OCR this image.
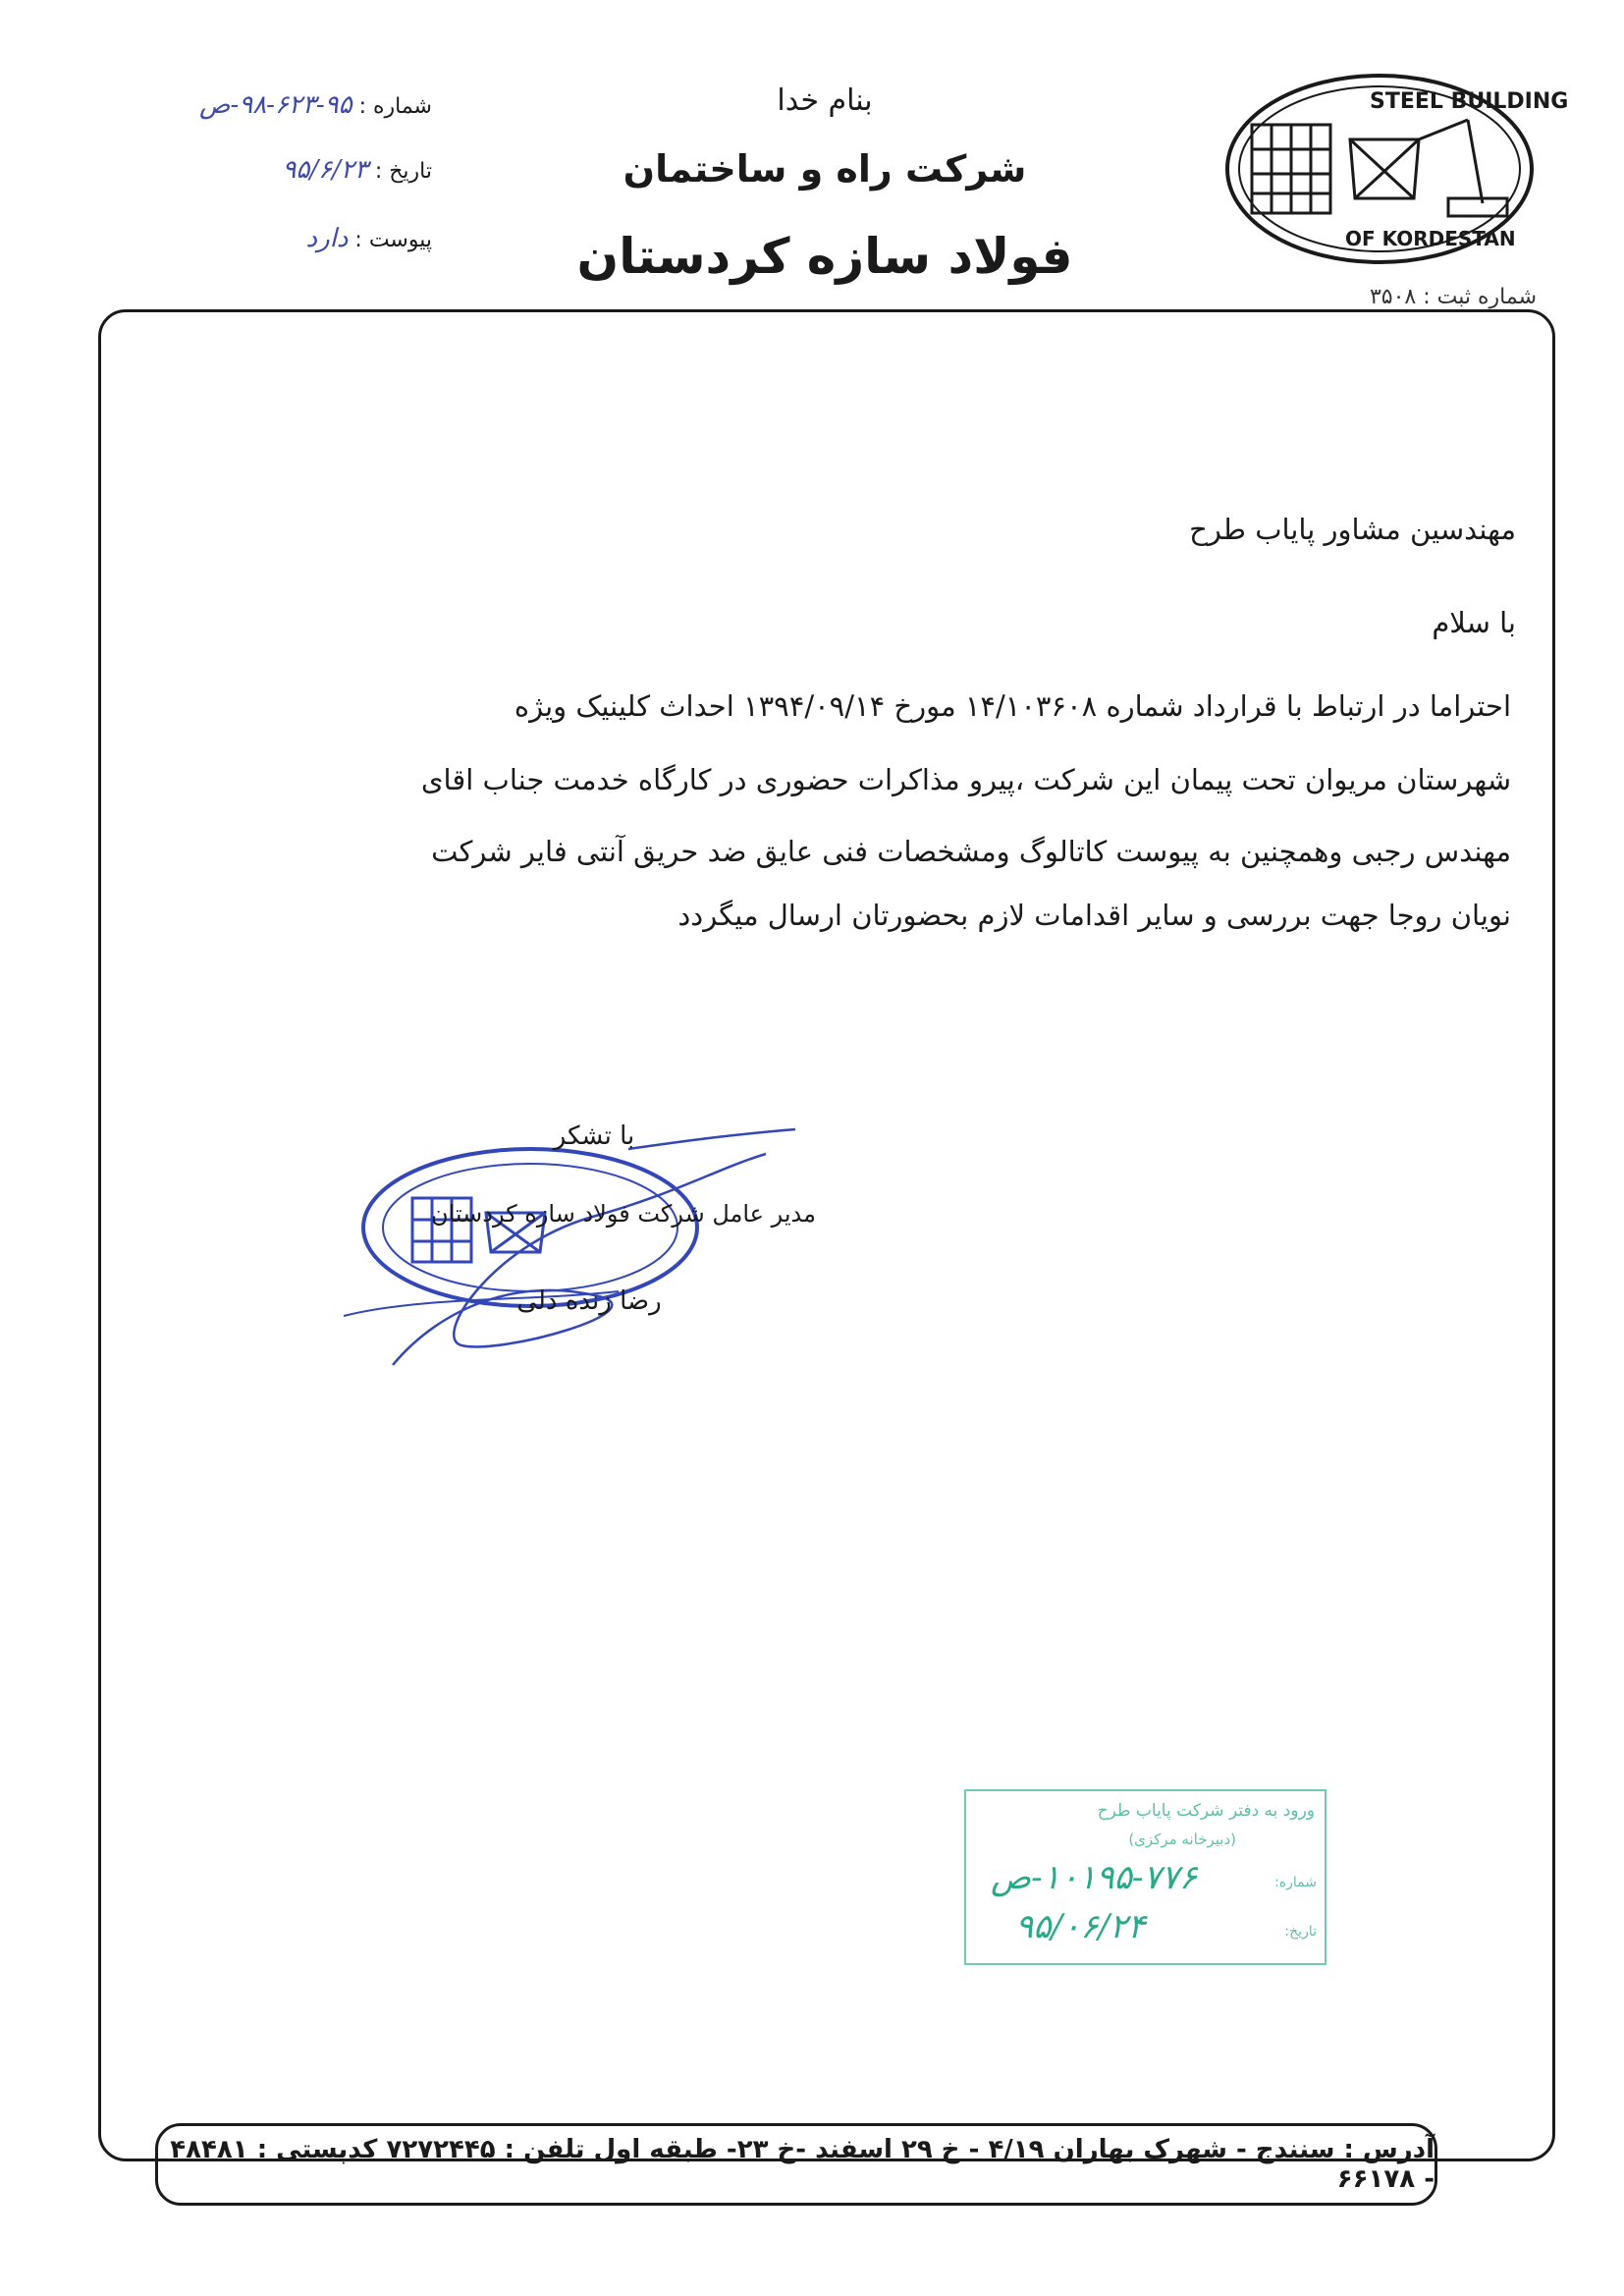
بنام خدا
شرکت راه و ساختمان
فولاد سازه کردستان
شماره : ۹۸-۶۲۳-۹۵-ص
تاریخ : ۹۵/۶/۲۳
پیوست : دارد
STEEL BUILDING
OF KORDESTAN
شماره ثبت : ۳۵۰۸
مهندسین مشاور پایاب طرح
با سلام
احتراما در ارتباط با قرارداد شماره ۱۴/۱۰۳۶۰۸ مورخ ۱۳۹۴/۰۹/۱۴ احداث کلینیک ویژه
شهرستان مریوان تحت پیمان این شرکت ،پیرو مذاکرات حضوری در کارگاه خدمت جناب اقای
مهندس رجبی وهمچنین به پیوست کاتالوگ ومشخصات فنی عایق ضد حریق آنتی فایر شرکت
نویان روجا جهت بررسی و سایر اقدامات لازم بحضورتان ارسال میگردد
با تشکر
مدیر عامل شرکت فولاد سازه کردستان
رضا زنده دلی
ورود به دفتر شرکت پایاب طرح
(دبیرخانه مرکزی)
شماره:
۱۰۱۹۵-۷۷۶-ص
تاریخ:
۹۵/۰۶/۲۴
آدرس : سنندج - شهرک بهاران ۴/۱۹ - خ ۲۹ اسفند -خ ۲۳- طبقه اول تلفن : ۷۲۷۲۴۴۵ کدپستی : ۴۸۴۸۱ - ۶۶۱۷۸
